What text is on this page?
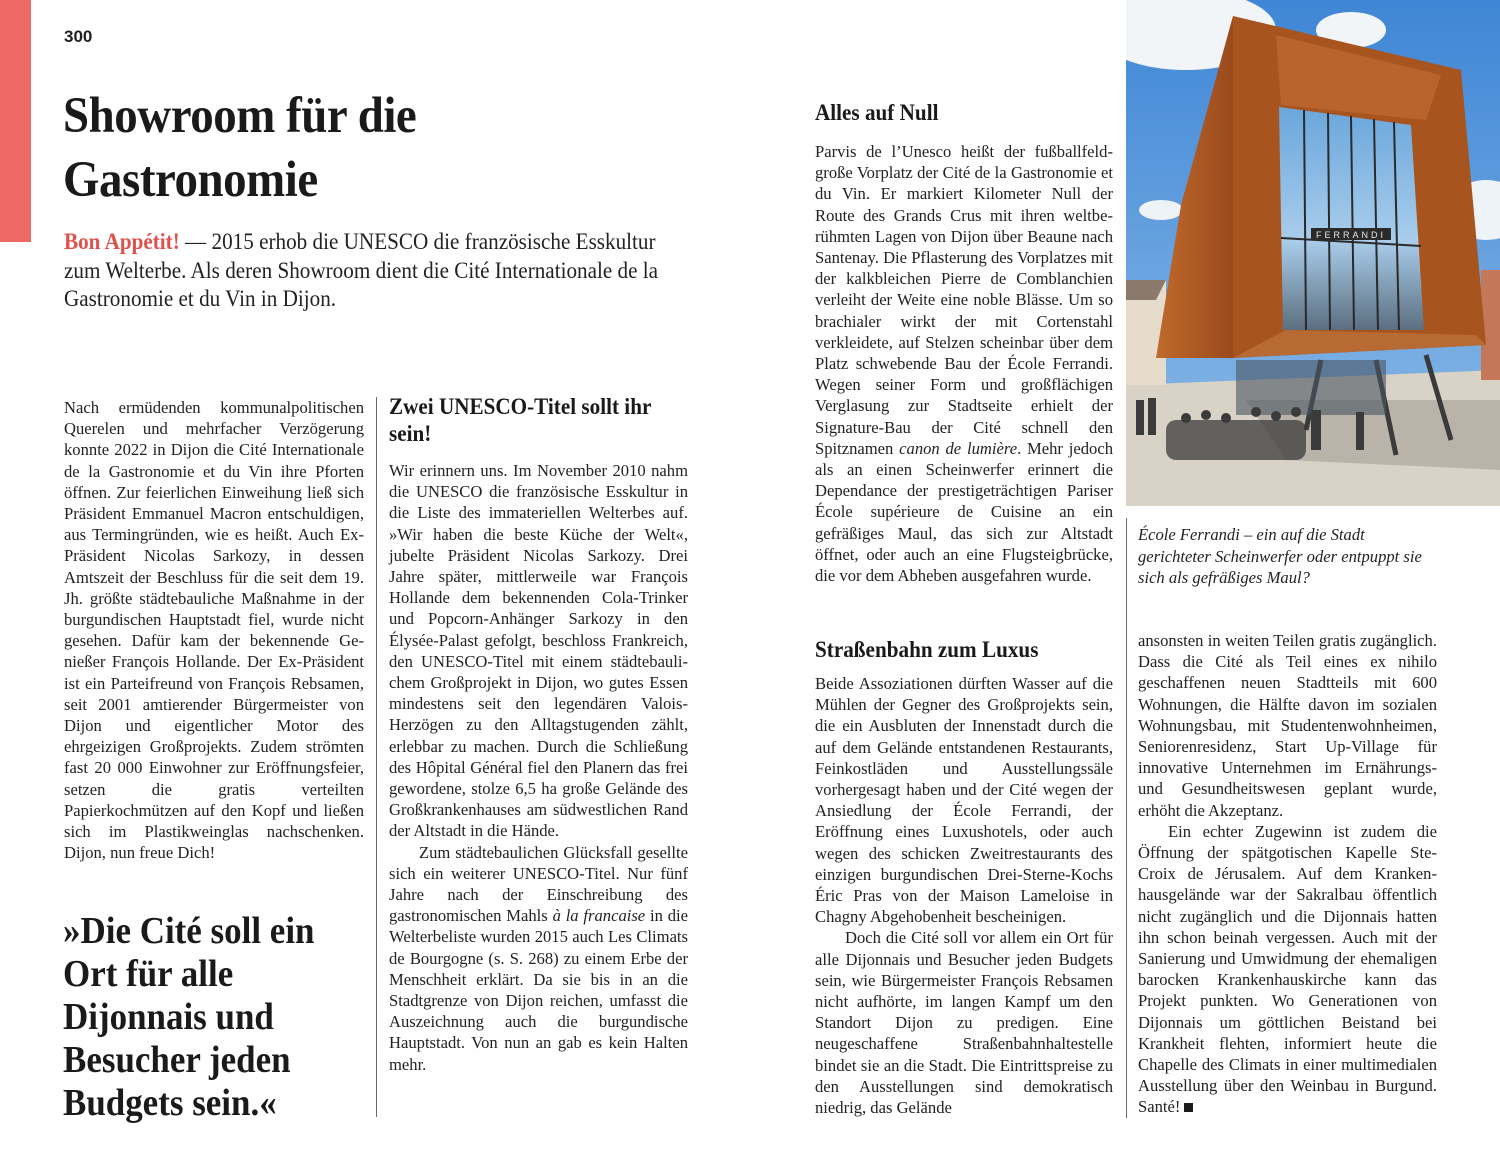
300
Showroom für die
Gastronomie

Bon Appétit! — 2015 erhob die UNESCO die französische Esskultur zum Welterbe. Als deren Showroom dient die Cité Internationale de la Gastronomie et du Vin in Dijon.

Nach ermüdenden kommunalpolitischen Querelen und mehrfacher Verzögerung konnte 2022 in Dijon die Cité Internationale de la Gastronomie et du Vin ihre Pforten öffnen. Zur feierlichen Einweihung ließ sich Präsident Emmanuel Macron entschuldigen, aus Termingründen, wie es heißt. Auch Ex-Präsident Nicolas Sarkozy, in dessen Amtszeit der Beschluss für die seit dem 19. Jh. größte städtebauliche Maßnahme in der burgundischen Hauptstadt fiel, wurde nicht gesehen. Dafür kam der bekennende Genießer François Hollande. Der Ex-Präsident ist ein Parteifreund von François Rebsamen, seit 2001 amtierender Bürgermeister von Dijon und eigentlicher Motor des ehrgeizigen Großprojekts. Zudem strömten fast 20 000 Einwohner zur Eröffnungsfeier, setzen die gratis verteilten Papierkochmützen auf den Kopf und ließen sich im Plastikweinglas nachschenken. Dijon, nun freue Dich!

»Die Cité soll ein Ort für alle Dijonnais und Besucher jeden Budgets sein.«

Zwei UNESCO-Titel sollt ihr sein!

Wir erinnern uns. Im November 2010 nahm die UNESCO die französische Esskultur in die Liste des immateriellen Welterbes auf. »Wir haben die beste Küche der Welt«, jubelte Präsident Nicolas Sarkozy. Drei Jahre später, mittlerweile war François Hollande dem bekennenden Cola-Trinker und Popcorn-Anhänger Sarkozy in den Élysée-Palast gefolgt, beschloss Frankreich, den UNESCO-Titel mit einem städtebaulichem Großprojekt in Dijon, wo gutes Essen mindestens seit den legendären Valois-Herzögen zu den Alltagstugenden zählt, erlebbar zu machen. Durch die Schließung des Hôpital Général fiel den Planern das frei gewordene, stolze 6,5 ha große Gelände des Großkrankenhauses am südwestlichen Rand der Altstadt in die Hände.

Zum städtebaulichen Glücksfall gesellte sich ein weiterer UNESCO-Titel. Nur fünf Jahre nach der Einschreibung des gastronomischen Mahls à la francaise in die Welterbeliste wurden 2015 auch Les Climats de Bourgogne (s. S. 268) zu einem Erbe der Menschheit erklärt. Da sie bis in an die Stadtgrenze von Dijon reichen, umfasst die Auszeichnung auch die burgundische Hauptstadt. Von nun an gab es kein Halten mehr.

Alles auf Null

Parvis de l’Unesco heißt der fußballfeldgroße Vorplatz der Cité de la Gastronomie et du Vin. Er markiert Kilometer Null der Route des Grands Crus mit ihren weltberühmten Lagen von Dijon über Beaune nach Santenay. Die Pflasterung des Vorplatzes mit der kalkbleichen Pierre de Comblanchien verleiht der Weite eine noble Blässe. Um so brachialer wirkt der mit Cortenstahl verkleidete, auf Stelzen scheinbar über dem Platz schwebende Bau der École Ferrandi. Wegen seiner Form und großflächigen Verglasung zur Stadtseite erhielt der Signature-Bau der Cité schnell den Spitznamen canon de lumière. Mehr jedoch als an einen Scheinwerfer erinnert die Dependance der prestigeträchtigen Pariser École supérieure de Cuisine an ein gefräßiges Maul, das sich zur Altstadt öffnet, oder auch an eine Flugsteigbrücke, die vor dem Abheben ausgefahren wurde.

Straßenbahn zum Luxus

Beide Assoziationen dürften Wasser auf die Mühlen der Gegner des Großprojekts sein, die ein Ausbluten der Innenstadt durch die auf dem Gelände entstandenen Restaurants, Feinkostläden und Ausstellungssäle vorhergesagt haben und der Cité wegen der Ansiedlung der École Ferrandi, der Eröffnung eines Luxushotels, oder auch wegen des schicken Zweitrestaurants des einzigen burgundischen Drei-Sterne-Kochs Éric Pras von der Maison Lameloise in Chagny Abgehobenheit bescheinigen.

Doch die Cité soll vor allem ein Ort für alle Dijonnais und Besucher jeden Budgets sein, wie Bürgermeister François Rebsamen nicht aufhörte, im langen Kampf um den Standort Dijon zu predigen. Eine neugeschaffene Straßenbahnhaltestelle bindet sie an die Stadt. Die Eintrittspreise zu den Ausstellungen sind demokratisch niedrig, das Gelände

FERRANDI

École Ferrandi – ein auf die Stadt gerichteter Scheinwerfer oder entpuppt sie sich als gefräßiges Maul?

ansonsten in weiten Teilen gratis zugänglich. Dass die Cité als Teil eines ex nihilo geschaffenen neuen Stadtteils mit 600 Wohnungen, die Hälfte davon im sozialen Wohnungsbau, mit Studentenwohnheimen, Seniorenresidenz, Start Up-Village für innovative Unternehmen im Ernährungs- und Gesundheitswesen geplant wurde, erhöht die Akzeptanz.

Ein echter Zugewinn ist zudem die Öffnung der spätgotischen Kapelle Ste-Croix de Jérusalem. Auf dem Krankenhausgelände war der Sakralbau öffentlich nicht zugänglich und die Dijonnais hatten ihn schon beinah vergessen. Auch mit der Sanierung und Umwidmung der ehemaligen barocken Krankenhauskirche kann das Projekt punkten. Wo Generationen von Dijonnais um göttlichen Beistand bei Krankheit flehten, informiert heute die Chapelle des Climats in einer multimedialen Ausstellung über den Weinbau in Burgund. Santé!
